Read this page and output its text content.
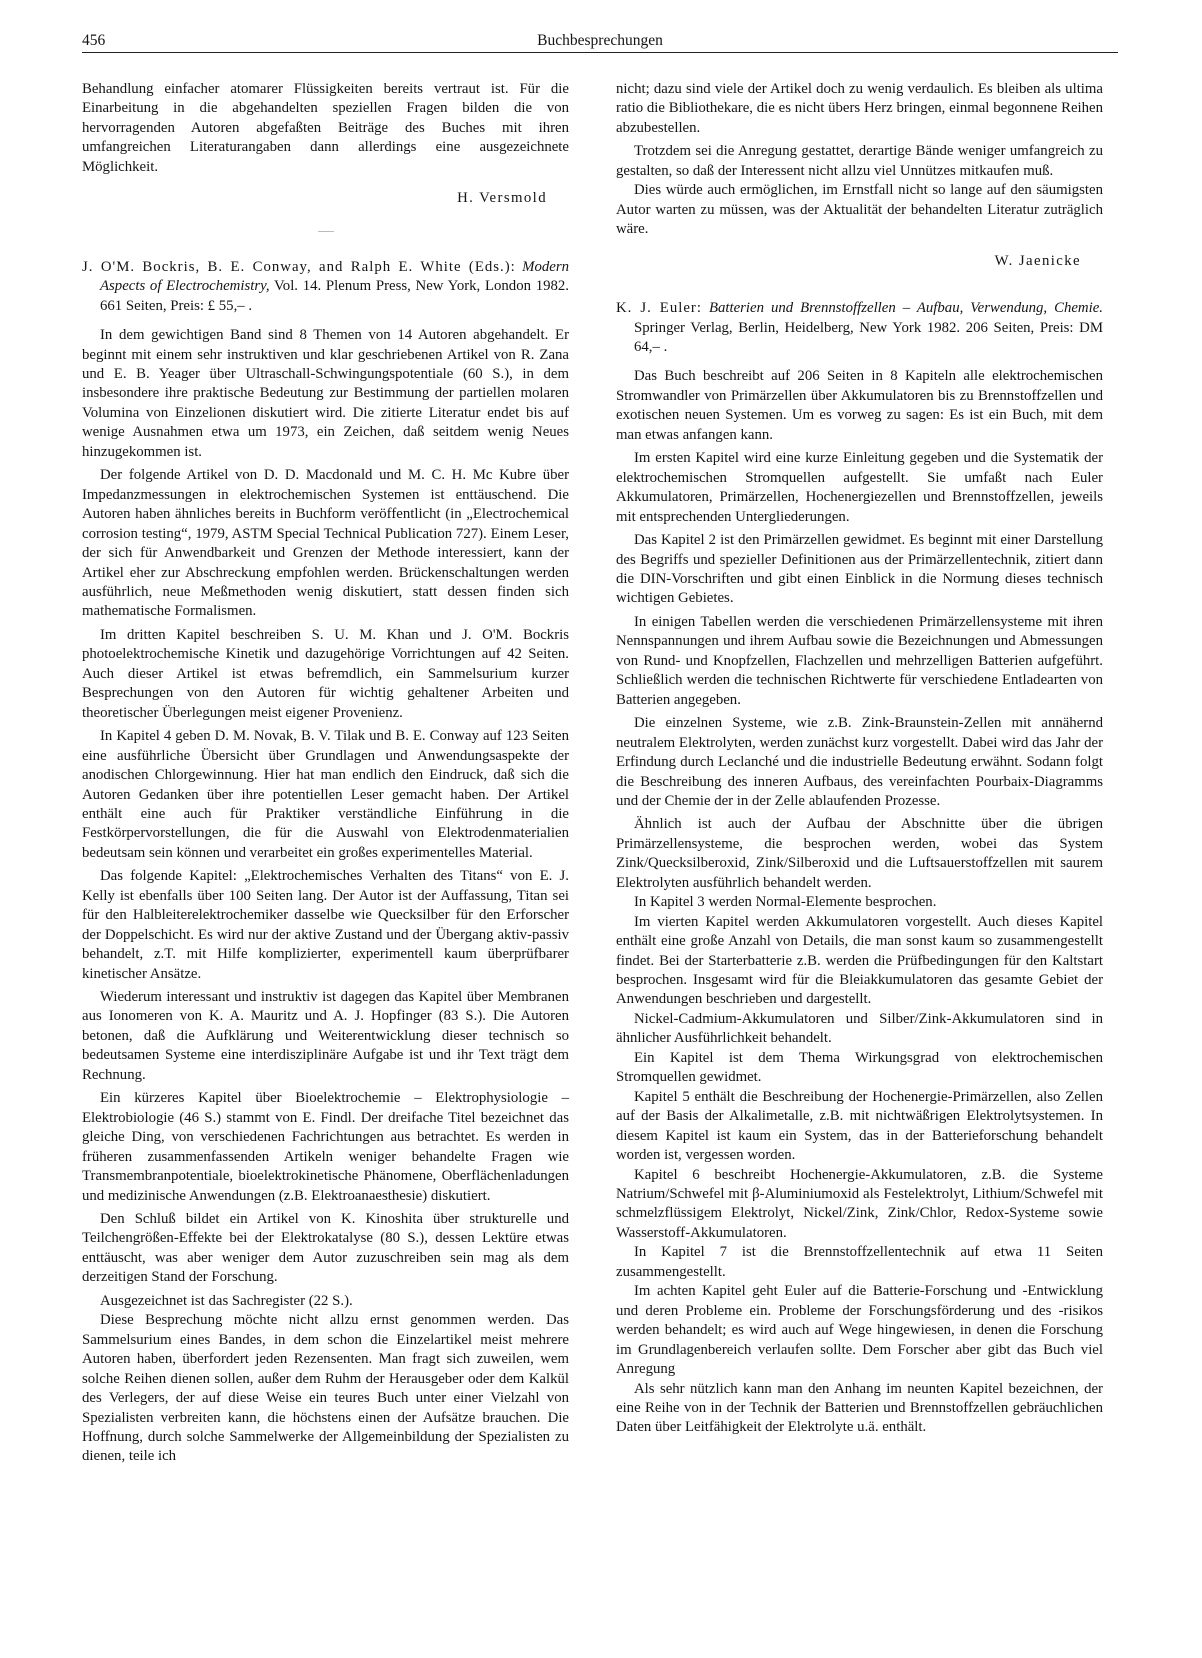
456	Buchbesprechungen

Behandlung einfacher atomarer Flüssigkeiten bereits vertraut ist. Für die Einarbeitung in die abgehandelten speziellen Fragen bilden die von hervorragenden Autoren abgefaßten Beiträge des Buches mit ihren umfangreichen Literaturangaben dann allerdings eine ausgezeichnete Möglichkeit.

H. Versmold

J. O'M. Bockris, B. E. Conway, and Ralph E. White (Eds.): Modern Aspects of Electrochemistry, Vol. 14. Plenum Press, New York, London 1982. 661 Seiten, Preis: £ 55,– .

In dem gewichtigen Band sind 8 Themen von 14 Autoren abgehandelt. Er beginnt mit einem sehr instruktiven und klar geschriebenen Artikel von R. Zana und E. B. Yeager über Ultraschall-Schwingungspotentiale (60 S.), in dem insbesondere ihre praktische Bedeutung zur Bestimmung der partiellen molaren Volumina von Einzelionen diskutiert wird. Die zitierte Literatur endet bis auf wenige Ausnahmen etwa um 1973, ein Zeichen, daß seitdem wenig Neues hinzugekommen ist.

Der folgende Artikel von D. D. Macdonald und M. C. H. Mc Kubre über Impedanzmessungen in elektrochemischen Systemen ist enttäuschend. Die Autoren haben ähnliches bereits in Buchform veröffentlicht (in „Electrochemical corrosion testing“, 1979, ASTM Special Technical Publication 727). Einem Leser, der sich für Anwendbarkeit und Grenzen der Methode interessiert, kann der Artikel eher zur Abschreckung empfohlen werden. Brückenschaltungen werden ausführlich, neue Meßmethoden wenig diskutiert, statt dessen finden sich mathematische Formalismen.

Im dritten Kapitel beschreiben S. U. M. Khan und J. O'M. Bockris photoelektrochemische Kinetik und dazugehörige Vorrichtungen auf 42 Seiten. Auch dieser Artikel ist etwas befremdlich, ein Sammelsurium kurzer Besprechungen von den Autoren für wichtig gehaltener Arbeiten und theoretischer Überlegungen meist eigener Provenienz.

In Kapitel 4 geben D. M. Novak, B. V. Tilak und B. E. Conway auf 123 Seiten eine ausführliche Übersicht über Grundlagen und Anwendungsaspekte der anodischen Chlorgewinnung. Hier hat man endlich den Eindruck, daß sich die Autoren Gedanken über ihre potentiellen Leser gemacht haben. Der Artikel enthält eine auch für Praktiker verständliche Einführung in die Festkörpervorstellungen, die für die Auswahl von Elektrodenmaterialien bedeutsam sein können und verarbeitet ein großes experimentelles Material.

Das folgende Kapitel: „Elektrochemisches Verhalten des Titans“ von E. J. Kelly ist ebenfalls über 100 Seiten lang. Der Autor ist der Auffassung, Titan sei für den Halbleiterelektrochemiker dasselbe wie Quecksilber für den Erforscher der Doppelschicht. Es wird nur der aktive Zustand und der Übergang aktiv-passiv behandelt, z.T. mit Hilfe komplizierter, experimentell kaum überprüfbarer kinetischer Ansätze.

Wiederum interessant und instruktiv ist dagegen das Kapitel über Membranen aus Ionomeren von K. A. Mauritz und A. J. Hopfinger (83 S.). Die Autoren betonen, daß die Aufklärung und Weiterentwicklung dieser technisch so bedeutsamen Systeme eine interdisziplinäre Aufgabe ist und ihr Text trägt dem Rechnung.

Ein kürzeres Kapitel über Bioelektrochemie – Elektrophysiologie – Elektrobiologie (46 S.) stammt von E. Findl. Der dreifache Titel bezeichnet das gleiche Ding, von verschiedenen Fachrichtungen aus betrachtet. Es werden in früheren zusammenfassenden Artikeln weniger behandelte Fragen wie Transmembranpotentiale, bioelektrokinetische Phänomene, Oberflächenladungen und medizinische Anwendungen (z.B. Elektroanaesthesie) diskutiert.

Den Schluß bildet ein Artikel von K. Kinoshita über strukturelle und Teilchengrößen-Effekte bei der Elektrokatalyse (80 S.), dessen Lektüre etwas enttäuscht, was aber weniger dem Autor zuzuschreiben sein mag als dem derzeitigen Stand der Forschung.

Ausgezeichnet ist das Sachregister (22 S.).

Diese Besprechung möchte nicht allzu ernst genommen werden. Das Sammelsurium eines Bandes, in dem schon die Einzelartikel meist mehrere Autoren haben, überfordert jeden Rezensenten. Man fragt sich zuweilen, wem solche Reihen dienen sollen, außer dem Ruhm der Herausgeber oder dem Kalkül des Verlegers, der auf diese Weise ein teures Buch unter einer Vielzahl von Spezialisten verbreiten kann, die höchstens einen der Aufsätze brauchen. Die Hoffnung, durch solche Sammelwerke der Allgemeinbildung der Spezialisten zu dienen, teile ich

nicht; dazu sind viele der Artikel doch zu wenig verdaulich. Es bleiben als ultima ratio die Bibliothekare, die es nicht übers Herz bringen, einmal begonnene Reihen abzubestellen.

Trotzdem sei die Anregung gestattet, derartige Bände weniger umfangreich zu gestalten, so daß der Interessent nicht allzu viel Unnützes mitkaufen muß.

Dies würde auch ermöglichen, im Ernstfall nicht so lange auf den säumigsten Autor warten zu müssen, was der Aktualität der behandelten Literatur zuträglich wäre.

W. Jaenicke

K. J. Euler: Batterien und Brennstoffzellen – Aufbau, Verwendung, Chemie. Springer Verlag, Berlin, Heidelberg, New York 1982. 206 Seiten, Preis: DM 64,– .

Das Buch beschreibt auf 206 Seiten in 8 Kapiteln alle elektrochemischen Stromwandler von Primärzellen über Akkumulatoren bis zu Brennstoffzellen und exotischen neuen Systemen. Um es vorweg zu sagen: Es ist ein Buch, mit dem man etwas anfangen kann.

Im ersten Kapitel wird eine kurze Einleitung gegeben und die Systematik der elektrochemischen Stromquellen aufgestellt. Sie umfaßt nach Euler Akkumulatoren, Primärzellen, Hochenergiezellen und Brennstoffzellen, jeweils mit entsprechenden Untergliederungen.

Das Kapitel 2 ist den Primärzellen gewidmet. Es beginnt mit einer Darstellung des Begriffs und spezieller Definitionen aus der Primärzellentechnik, zitiert dann die DIN-Vorschriften und gibt einen Einblick in die Normung dieses technisch wichtigen Gebietes.

In einigen Tabellen werden die verschiedenen Primärzellensysteme mit ihren Nennspannungen und ihrem Aufbau sowie die Bezeichnungen und Abmessungen von Rund- und Knopfzellen, Flachzellen und mehrzelligen Batterien aufgeführt. Schließlich werden die technischen Richtwerte für verschiedene Entladearten von Batterien angegeben.

Die einzelnen Systeme, wie z.B. Zink-Braunstein-Zellen mit annähernd neutralem Elektrolyten, werden zunächst kurz vorgestellt. Dabei wird das Jahr der Erfindung durch Leclanché und die industrielle Bedeutung erwähnt. Sodann folgt die Beschreibung des inneren Aufbaus, des vereinfachten Pourbaix-Diagramms und der Chemie der in der Zelle ablaufenden Prozesse.

Ähnlich ist auch der Aufbau der Abschnitte über die übrigen Primärzellensysteme, die besprochen werden, wobei das System Zink/Quecksilberoxid, Zink/Silberoxid und die Luftsauerstoffzellen mit saurem Elektrolyten ausführlich behandelt werden.

In Kapitel 3 werden Normal-Elemente besprochen.

Im vierten Kapitel werden Akkumulatoren vorgestellt. Auch dieses Kapitel enthält eine große Anzahl von Details, die man sonst kaum so zusammengestellt findet. Bei der Starterbatterie z.B. werden die Prüfbedingungen für den Kaltstart besprochen. Insgesamt wird für die Bleiakkumulatoren das gesamte Gebiet der Anwendungen beschrieben und dargestellt.

Nickel-Cadmium-Akkumulatoren und Silber/Zink-Akkumulatoren sind in ähnlicher Ausführlichkeit behandelt.

Ein Kapitel ist dem Thema Wirkungsgrad von elektrochemischen Stromquellen gewidmet.

Kapitel 5 enthält die Beschreibung der Hochenergie-Primärzellen, also Zellen auf der Basis der Alkalimetalle, z.B. mit nichtwäßrigen Elektrolytsystemen. In diesem Kapitel ist kaum ein System, das in der Batterieforschung behandelt worden ist, vergessen worden.

Kapitel 6 beschreibt Hochenergie-Akkumulatoren, z.B. die Systeme Natrium/Schwefel mit β-Aluminiumoxid als Festelektrolyt, Lithium/Schwefel mit schmelzflüssigem Elektrolyt, Nickel/Zink, Zink/Chlor, Redox-Systeme sowie Wasserstoff-Akkumulatoren.

In Kapitel 7 ist die Brennstoffzellentechnik auf etwa 11 Seiten zusammengestellt.

Im achten Kapitel geht Euler auf die Batterie-Forschung und -Entwicklung und deren Probleme ein. Probleme der Forschungsförderung und des -risikos werden behandelt; es wird auch auf Wege hingewiesen, in denen die Forschung im Grundlagenbereich verlaufen sollte. Dem Forscher aber gibt das Buch viel Anregung

Als sehr nützlich kann man den Anhang im neunten Kapitel bezeichnen, der eine Reihe von in der Technik der Batterien und Brennstoffzellen gebräuchlichen Daten über Leitfähigkeit der Elektrolyte u.ä. enthält.
